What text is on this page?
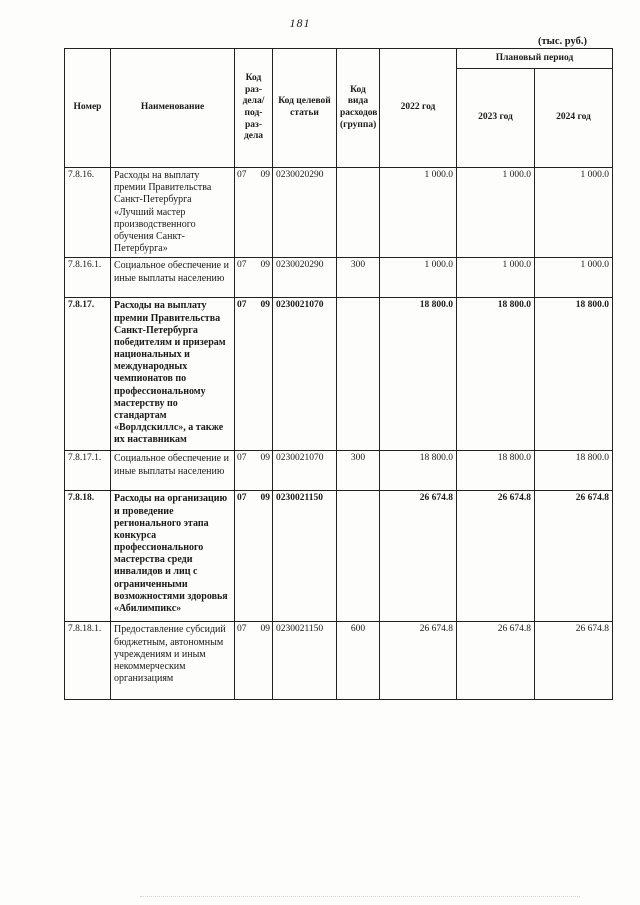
181
(тыс. руб.)
Номер	Наименование	Код раз-дела/ под-раз-дела	Код целевой статьи	Код вида расходов (группа)	2022 год	Плановый период	
						2023 год	2024 год
7.8.16.	Расходы на выплату премии Правительства Санкт-Петербурга «Лучший мастер производственного обучения Санкт-Петербурга»	07 09	0230020290		1 000.0	1 000.0	1 000.0
7.8.16.1.	Социальное обеспечение и иные выплаты населению	07 09	0230020290	300	1 000.0	1 000.0	1 000.0
7.8.17.	Расходы на выплату премии Правительства Санкт-Петербурга победителям и призерам национальных и международных чемпионатов по профессиональному мастерству по стандартам «Ворлдскиллс», а также их наставникам	07 09	0230021070		18 800.0	18 800.0	18 800.0
7.8.17.1.	Социальное обеспечение и иные выплаты населению	07 09	0230021070	300	18 800.0	18 800.0	18 800.0
7.8.18.	Расходы на организацию и проведение регионального этапа конкурса профессионального мастерства среди инвалидов и лиц с ограниченными возможностями здоровья «Абилимпикс»	07 09	0230021150		26 674.8	26 674.8	26 674.8
7.8.18.1.	Предоставление субсидий бюджетным, автономным учреждениям и иным некоммерческим организациям	07 09	0230021150	600	26 674.8	26 674.8	26 674.8
